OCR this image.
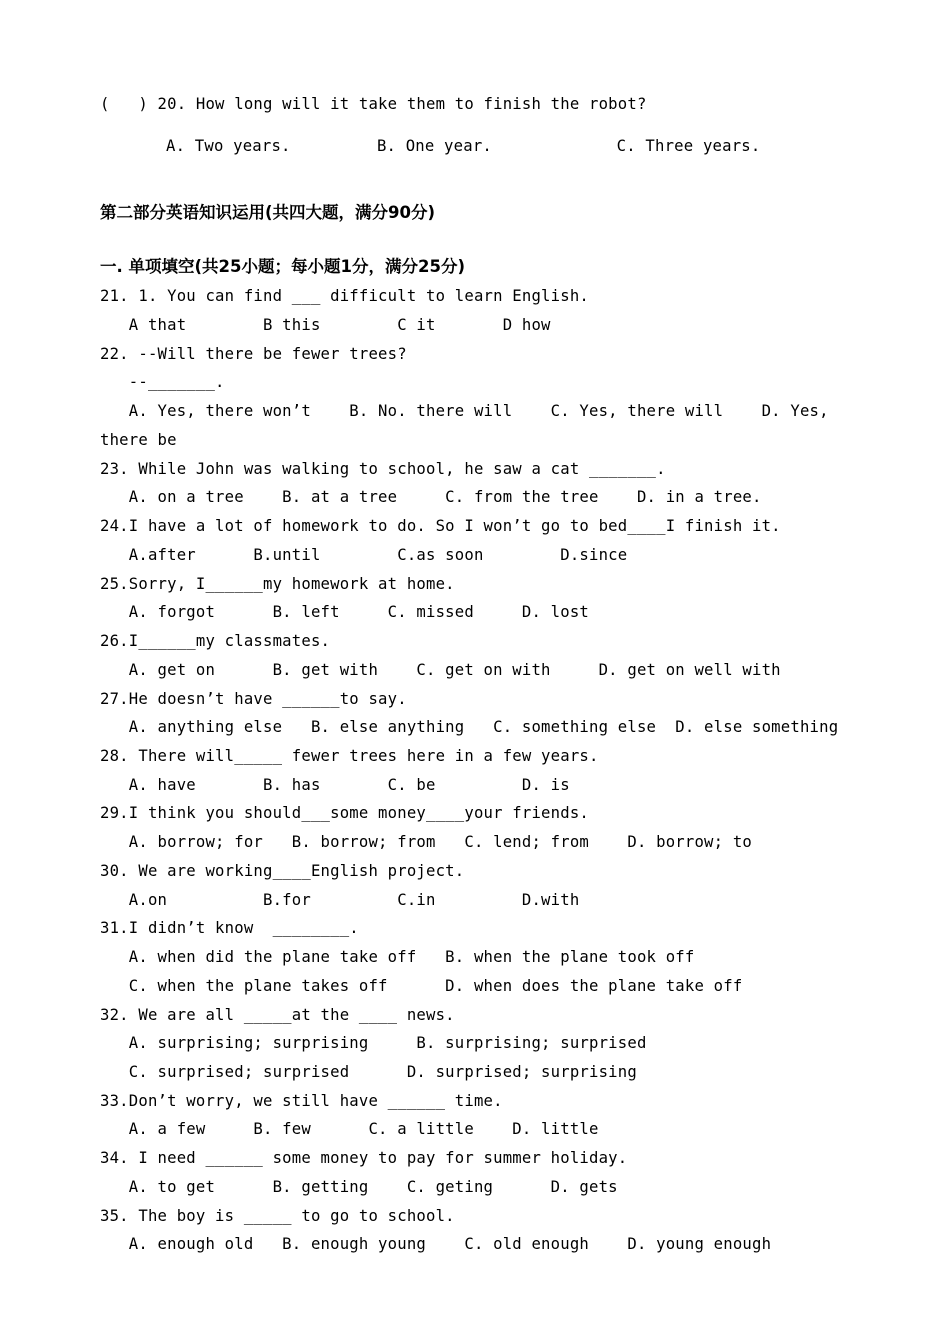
(   ) 20. How long will it take them to finish the robot?
A. Two years.         B. One year.             C. Three years.
第二部分英语知识运用(共四大题，满分90分)
一. 单项填空(共25小题；每小题1分，满分25分)
21. 1. You can find ___ difficult to learn English.
A that        B this        C it       D how
22. --Will there be fewer trees?
--_______.
A. Yes, there won’t    B. No. there will    C. Yes, there will    D. Yes,
there be
23. While John was walking to school, he saw a cat _______.
A. on a tree    B. at a tree     C. from the tree    D. in a tree.
24.I have a lot of homework to do. So I won’t go to bed____I finish it.
A.after      B.until        C.as soon        D.since
25.Sorry, I______my homework at home.
A. forgot      B. left     C. missed     D. lost
26.I______my classmates.
A. get on      B. get with    C. get on with     D. get on well with
27.He doesn’t have ______to say.
A. anything else   B. else anything   C. something else  D. else something
28. There will_____ fewer trees here in a few years.
A. have       B. has       C. be         D. is
29.I think you should___some money____your friends.
A. borrow; for   B. borrow; from   C. lend; from    D. borrow; to
30. We are working____English project.
A.on          B.for         C.in         D.with
31.I didn’t know  ________.
A. when did the plane take off   B. when the plane took off
C. when the plane takes off      D. when does the plane take off
32. We are all _____at the ____ news.
A. surprising; surprising     B. surprising; surprised
C. surprised; surprised      D. surprised; surprising
33.Don’t worry, we still have ______ time.
A. a few     B. few      C. a little    D. little
34. I need ______ some money to pay for summer holiday.
A. to get      B. getting    C. geting      D. gets
35. The boy is _____ to go to school.
A. enough old   B. enough young    C. old enough    D. young enough
